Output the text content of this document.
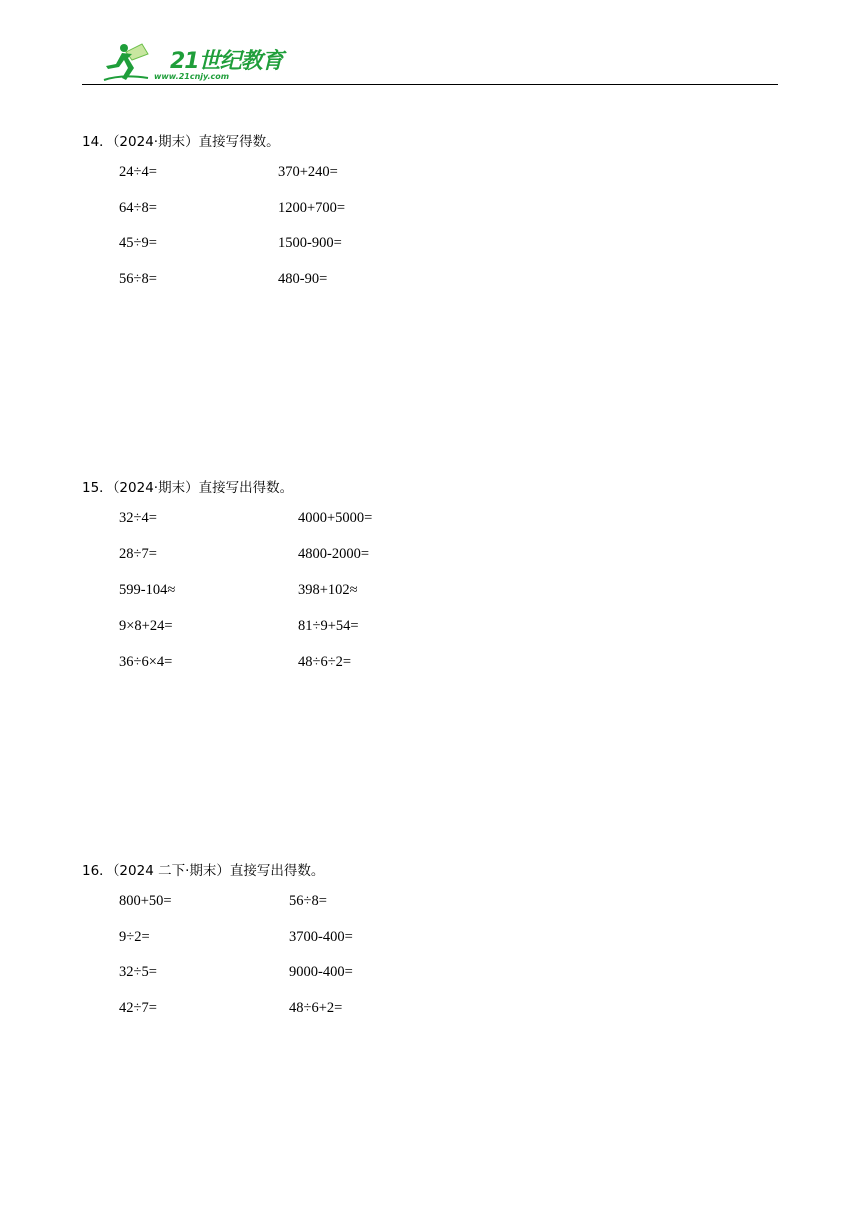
21世纪教育
www.21cnjy.com
14．（2024·期末）直接写得数。
24÷4=
64÷8=
45÷9=
56÷8=
370+240=
1200+700=
1500-900=
480-90=
15．（2024·期末）直接写出得数。
32÷4=
28÷7=
599-104≈
9×8+24=
36÷6×4=
4000+5000=
4800-2000=
398+102≈
81÷9+54=
48÷6÷2=
16．（2024 二下·期末）直接写出得数。
800+50=
9÷2=
32÷5=
42÷7=
56÷8=
3700-400=
9000-400=
48÷6+2=
